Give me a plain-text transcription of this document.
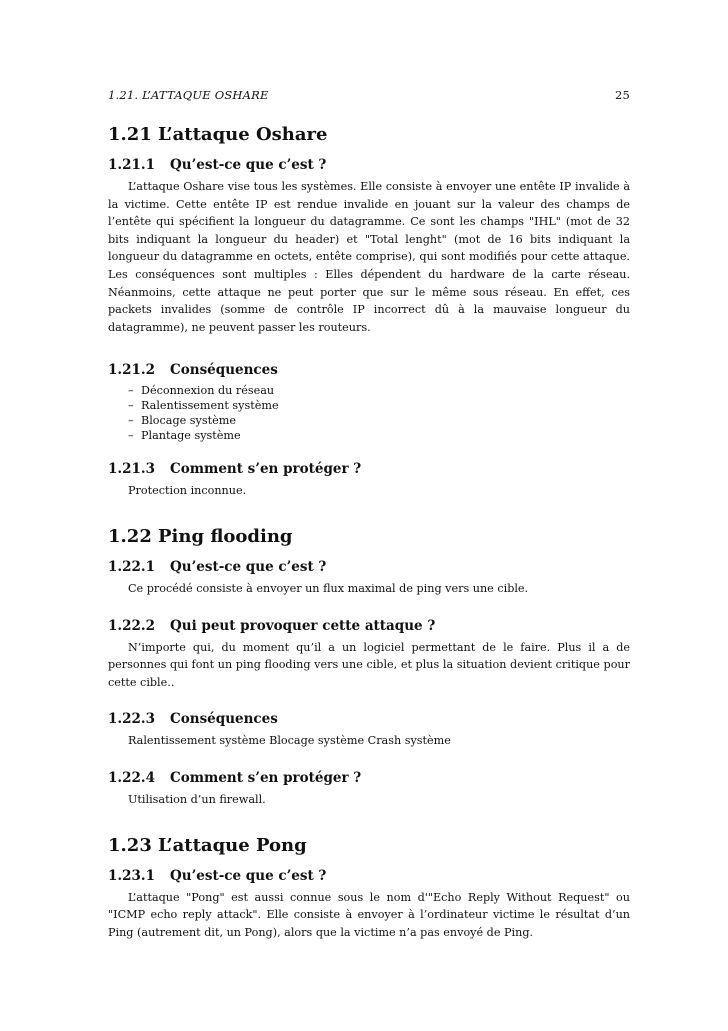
1.21. L’ATTAQUE OSHARE	25
1.21 L’attaque Oshare
1.21.1	Qu’est-ce que c’est ?

L’attaque Oshare vise tous les systèmes. Elle consiste à envoyer une entête IP invalide à la victime. Cette entête IP est rendue invalide en jouant sur la valeur des champs de l’entête qui spécifient la longueur du datagramme. Ce sont les champs "IHL" (mot de 32 bits indiquant la longueur du header) et "Total lenght" (mot de 16 bits indiquant la longueur du datagramme en octets, entête comprise), qui sont modifiés pour cette attaque. Les conséquences sont multiples : Elles dépendent du hardware de la carte réseau. Néanmoins, cette attaque ne peut porter que sur le même sous réseau. En effet, ces packets invalides (somme de contrôle IP incorrect dû à la mauvaise longueur du datagramme), ne peuvent passer les routeurs.

1.21.2	Conséquences
– Déconnexion du réseau
– Ralentissement système
– Blocage système
– Plantage système
1.21.3	Comment s’en protéger ?

Protection inconnue.

1.22 Ping flooding
1.22.1	Qu’est-ce que c’est ?

Ce procédé consiste à envoyer un flux maximal de ping vers une cible.

1.22.2	Qui peut provoquer cette attaque ?

N’importe qui, du moment qu’il a un logiciel permettant de le faire. Plus il a de personnes qui font un ping flooding vers une cible, et plus la situation devient critique pour cette cible..

1.22.3	Conséquences

Ralentissement système Blocage système Crash système

1.22.4	Comment s’en protéger ?

Utilisation d’un firewall.

1.23 L’attaque Pong
1.23.1	Qu’est-ce que c’est ?

L’attaque "Pong" est aussi connue sous le nom d'"Echo Reply Without Request" ou "ICMP echo reply attack". Elle consiste à envoyer à l’ordinateur victime le résultat d’un Ping (autrement dit, un Pong), alors que la victime n’a pas envoyé de Ping.
